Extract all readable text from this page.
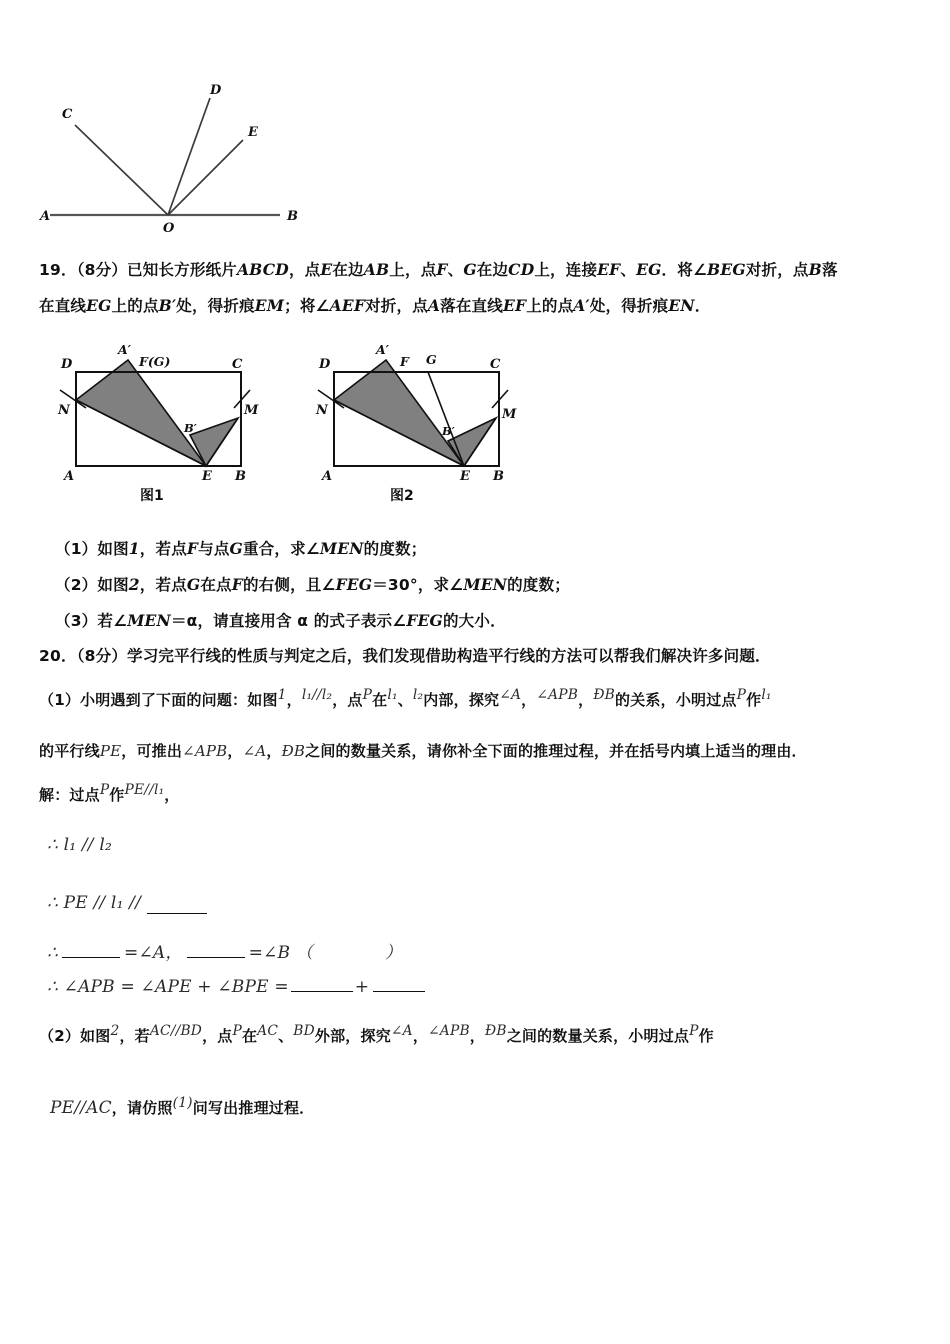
A	B
C
D
E
O
19．（8分）已知长方形纸片ABCD，点E在边AB上，点F、G在边CD上，连接EF、EG．将∠BEG对折，点B落
在直线EG上的点B′处，得折痕EM；将∠AEF对折，点A落在直线EF上的点A′处，得折痕EN．
A′
F(G)
D	C
N	M
B′
A	E B
图1
A′
F G
D	C
N	M
B′
A	E B
图2
（1）如图1，若点F与点G重合，求∠MEN的度数；
（2）如图2，若点G在点F的右侧，且∠FEG＝30°，求∠MEN的度数；
（3）若∠MEN＝α，请直接用含 α 的式子表示∠FEG的大小．
20．（8分）学习完平行线的性质与判定之后，我们发现借助构造平行线的方法可以帮我们解决许多问题．
（1）小明遇到了下面的问题：如图1，l₁//l₂，点P在l₁、l₂内部，探究∠A，∠APB，ÐB的关系，小明过点P作l₁
的平行线PE，可推出∠APB，∠A，ÐB之间的数量关系，请你补全下面的推理过程，并在括号内填上适当的理由．
解：过点P作PE//l₁，
∴ l₁ // l₂
∴ PE // l₁ //
∴	=∠A，	=∠B （	）
∴ ∠APB = ∠APE + ∠BPE =	+
（2）如图2，若AC//BD，点P在AC、BD外部，探究∠A，∠APB，ÐB之间的数量关系，小明过点P作
PE//AC，请仿照(1)问写出推理过程．
